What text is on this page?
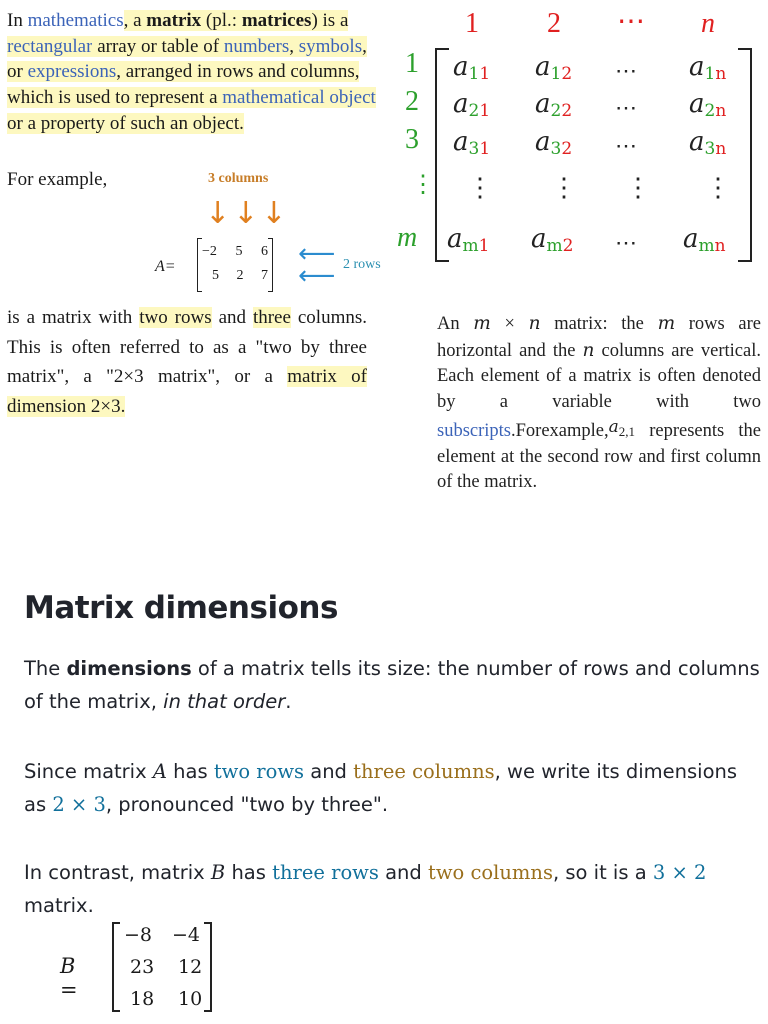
In mathematics, a matrix (pl.: matrices) is a rectangular array or table of numbers, symbols, or expressions, arranged in rows and columns, which is used to represent a mathematical object or a property of such an object.

For example,	3 columns
↓↓↓
A=
−2 5 6
5 2 7
⟵ ⟵ 2 rows

is a matrix with two rows and three columns. This is often referred to as a "two by three matrix", a "2×3 matrix", or a matrix of dimension 2×3.

1 2 ⋯ n
1
2
3
⋮
m
$a_{11}$ $a_{12}$ ⋯ $a_{1n}$
$a_{21}$ $a_{22}$ ⋯ $a_{2n}$
$a_{31}$ $a_{32}$ ⋯ $a_{3n}$
⋮ ⋮ ⋮ ⋮
$a_{m1}$ $a_{m2}$ ⋯ $a_{mn}$

An m × n matrix: the m rows are horizontal and the n columns are vertical. Each element of a matrix is often denoted by a variable with two subscripts.Forexample,a2,1 represents the element at the second row and first column of the matrix.

Matrix dimensions

The dimensions of a matrix tells its size: the number of rows and columns of the matrix, in that order.

Since matrix A has two rows and three columns, we write its dimensions as 2 × 3, pronounced "two by three".

In contrast, matrix B has three rows and two columns, so it is a 3 × 2 matrix.

B =
−8 −4
23 12
18 10
